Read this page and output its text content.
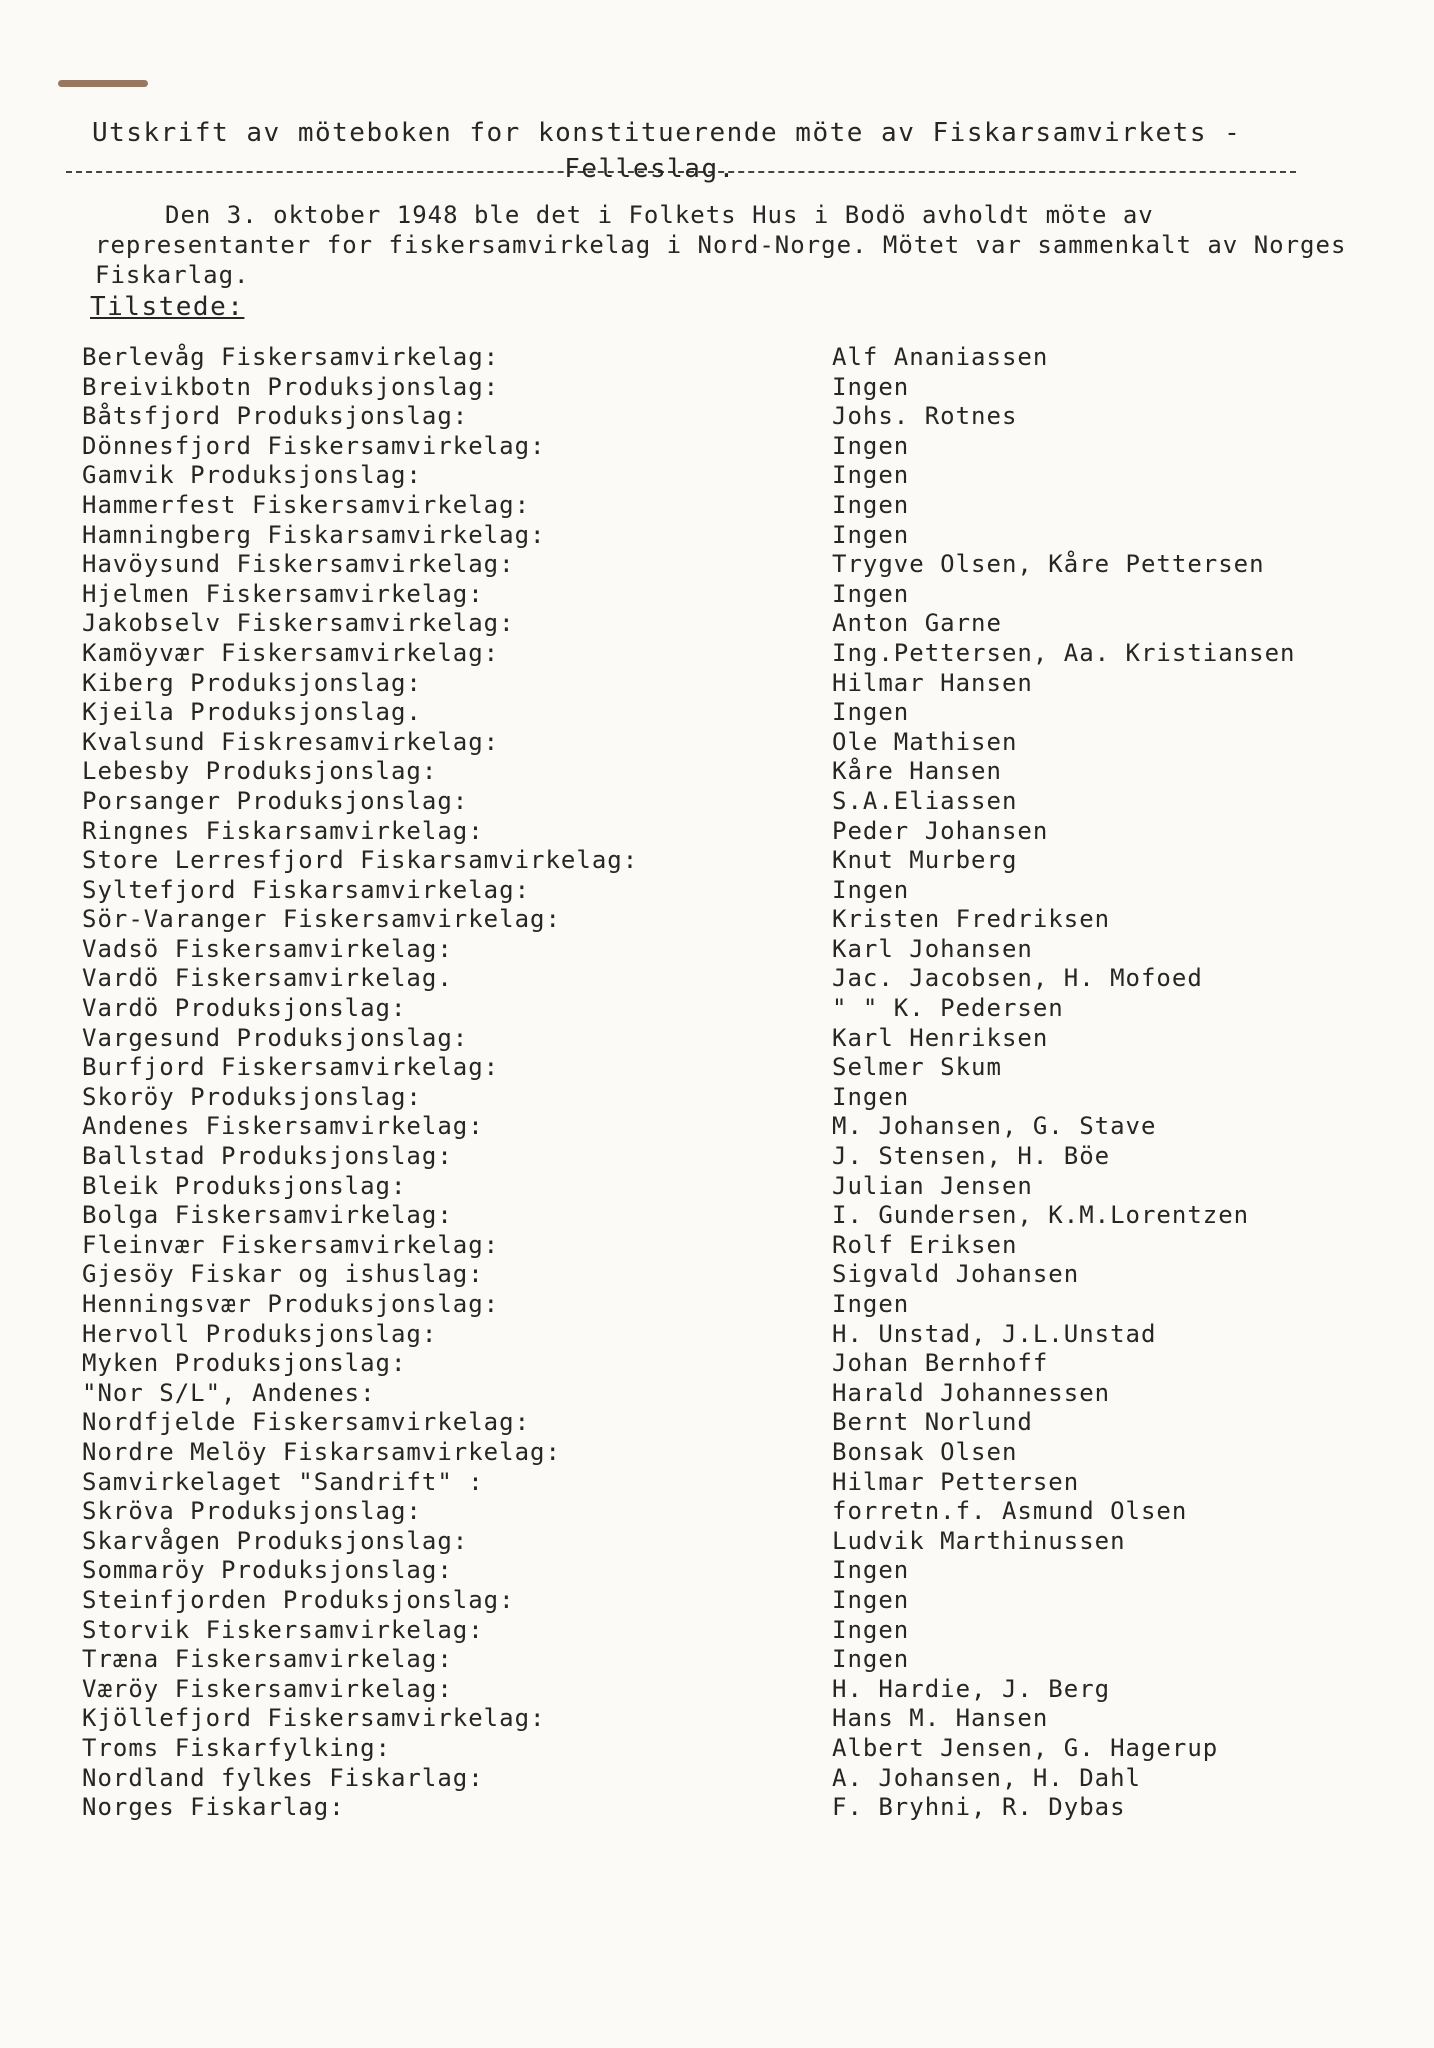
Utskrift av möteboken for konstituerende möte av Fiskarsamvirkets -
Felleslag.

Den 3. oktober 1948 ble det i Folkets Hus i Bodö avholdt möte av representanter for fiskersamvirkelag i Nord-Norge. Mötet var sammenkalt av Norges Fiskarlag.

Tilstede:
Berlevåg Fiskersamvirkelag:
Breivikbotn Produksjonslag:
Båtsfjord Produksjonslag:
Dönnesfjord Fiskersamvirkelag:
Gamvik Produksjonslag:
Hammerfest Fiskersamvirkelag:
Hamningberg Fiskarsamvirkelag:
Havöysund Fiskersamvirkelag:
Hjelmen Fiskersamvirkelag:
Jakobselv Fiskersamvirkelag:
Kamöyvær Fiskersamvirkelag:
Kiberg Produksjonslag:
Kjeila Produksjonslag.
Kvalsund Fiskresamvirkelag:
Lebesby Produksjonslag:
Porsanger Produksjonslag:
Ringnes Fiskarsamvirkelag:
Store Lerresfjord Fiskarsamvirkelag:
Syltefjord Fiskarsamvirkelag:
Sör-Varanger Fiskersamvirkelag:
Vadsö Fiskersamvirkelag:
Vardö Fiskersamvirkelag.
Vardö Produksjonslag:
Vargesund Produksjonslag:
Burfjord Fiskersamvirkelag:
Skoröy Produksjonslag:
Andenes Fiskersamvirkelag:
Ballstad Produksjonslag:
Bleik Produksjonslag:
Bolga Fiskersamvirkelag:
Fleinvær Fiskersamvirkelag:
Gjesöy Fiskar og ishuslag:
Henningsvær Produksjonslag:
Hervoll Produksjonslag:
Myken Produksjonslag:
"Nor S/L", Andenes:
Nordfjelde Fiskersamvirkelag:
Nordre Melöy Fiskarsamvirkelag:
Samvirkelaget "Sandrift" :
Skröva Produksjonslag:
Skarvågen Produksjonslag:
Sommaröy Produksjonslag:
Steinfjorden Produksjonslag:
Storvik Fiskersamvirkelag:
Træna Fiskersamvirkelag:
Væröy Fiskersamvirkelag:
Kjöllefjord Fiskersamvirkelag:
Troms Fiskarfylking:
Nordland fylkes Fiskarlag:
Norges Fiskarlag:
Alf Ananiassen
Ingen
Johs. Rotnes
Ingen
Ingen
Ingen
Ingen
Trygve Olsen, Kåre Pettersen
Ingen
Anton Garne
Ing.Pettersen, Aa. Kristiansen
Hilmar Hansen
Ingen
Ole Mathisen
Kåre Hansen
S.A.Eliassen
Peder Johansen
Knut Murberg
Ingen
Kristen Fredriksen
Karl Johansen
Jac. Jacobsen, H. Mofoed
" " K. Pedersen
Karl Henriksen
Selmer Skum
Ingen
M. Johansen, G. Stave
J. Stensen, H. Böe
Julian Jensen
I. Gundersen, K.M.Lorentzen
Rolf Eriksen
Sigvald Johansen
Ingen
H. Unstad, J.L.Unstad
Johan Bernhoff
Harald Johannessen
Bernt Norlund
Bonsak Olsen
Hilmar Pettersen
forretn.f. Asmund Olsen
Ludvik Marthinussen
Ingen
Ingen
Ingen
Ingen
H. Hardie, J. Berg
Hans M. Hansen
Albert Jensen, G. Hagerup
A. Johansen, H. Dahl
F. Bryhni, R. Dybas
